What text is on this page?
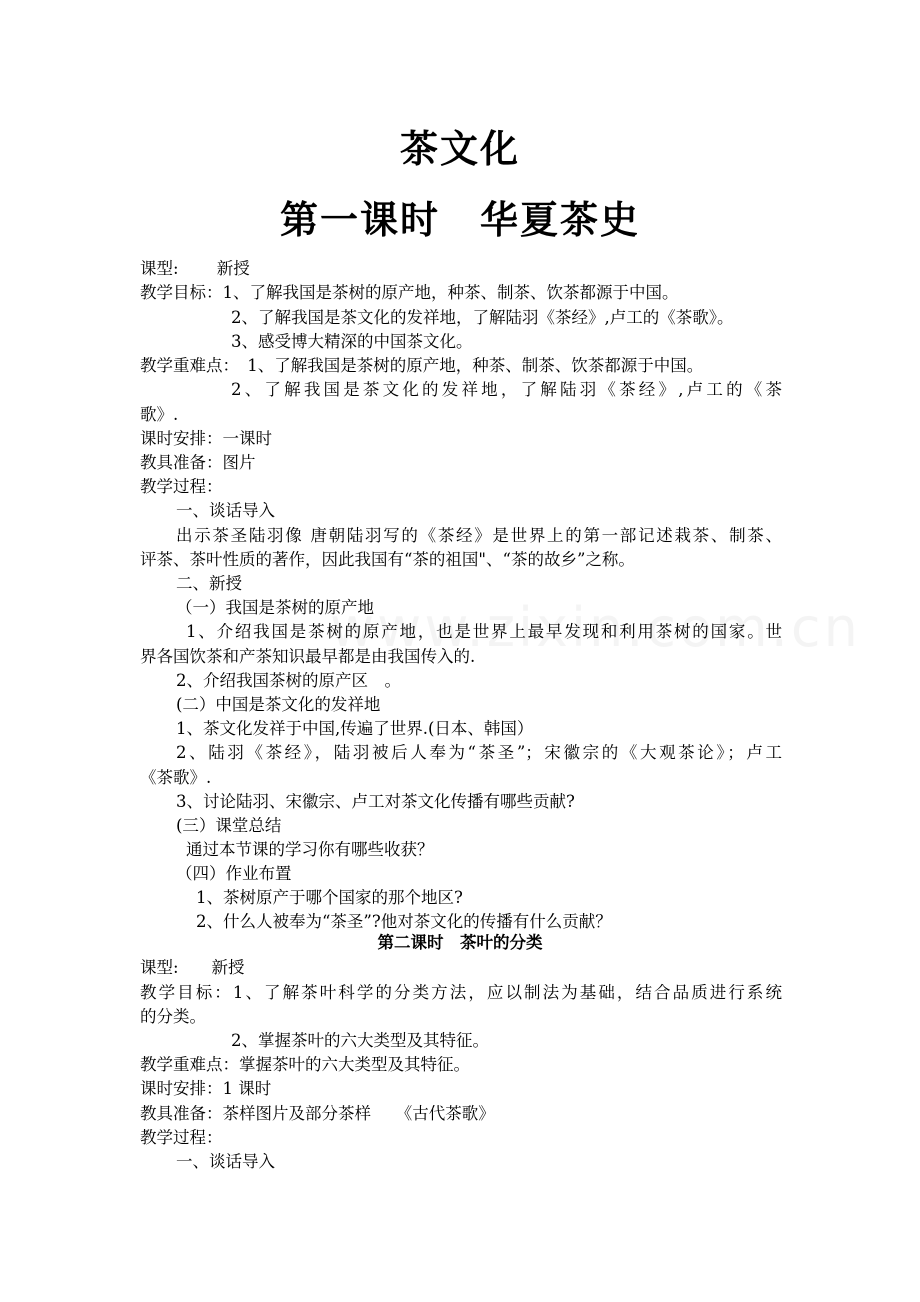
茶文化
第一课时　华夏茶史
课型:　　 新授
教学目标：1、了解我国是茶树的原产地，种茶、制茶、饮茶都源于中国。
2、了解我国是茶文化的发祥地，了解陆羽《茶经》,卢工的《茶歌》。
3、感受博大精深的中国茶文化。
教学重难点：　1、了解我国是茶树的原产地，种茶、制茶、饮茶都源于中国。
2、了解我国是茶文化的发祥地，了解陆羽《茶经》,卢工的《茶
歌》.
课时安排：一课时
教具准备：图片
教学过程：
一、谈话导入
出示茶圣陆羽像 唐朝陆羽写的《茶经》是世界上的第一部记述栽茶、制茶、
评茶、茶叶性质的著作，因此我国有“茶的祖国"、“茶的故乡”之称。
二、新授
（一）我国是茶树的原产地
1、介绍我国是茶树的原产地，也是世界上最早发现和利用茶树的国家。世
界各国饮茶和产茶知识最早都是由我国传入的.
2、介绍我国茶树的原产区　。
(二）中国是茶文化的发祥地
1、茶文化发祥于中国,传遍了世界.(日本、韩国）
2、陆羽《茶经》，陆羽被后人奉为“茶圣”；宋徽宗的《大观茶论》；卢工
《茶歌》.
3、讨论陆羽、宋徽宗、卢工对茶文化传播有哪些贡献?
(三）课堂总结
通过本节课的学习你有哪些收获？
（四）作业布置
1、茶树原产于哪个国家的那个地区?
2、什么人被奉为“茶圣”?他对茶文化的传播有什么贡献？
第二课时　茶叶的分类
课型:　　新授
教学目标：1、了解茶叶科学的分类方法，应以制法为基础，结合品质进行系统
的分类。
2、掌握茶叶的六大类型及其特征。
教学重难点：掌握茶叶的六大类型及其特征。
课时安排：1 课时
教具准备：茶样图片及部分茶样　　《古代茶歌》
教学过程：
一、谈话导入
